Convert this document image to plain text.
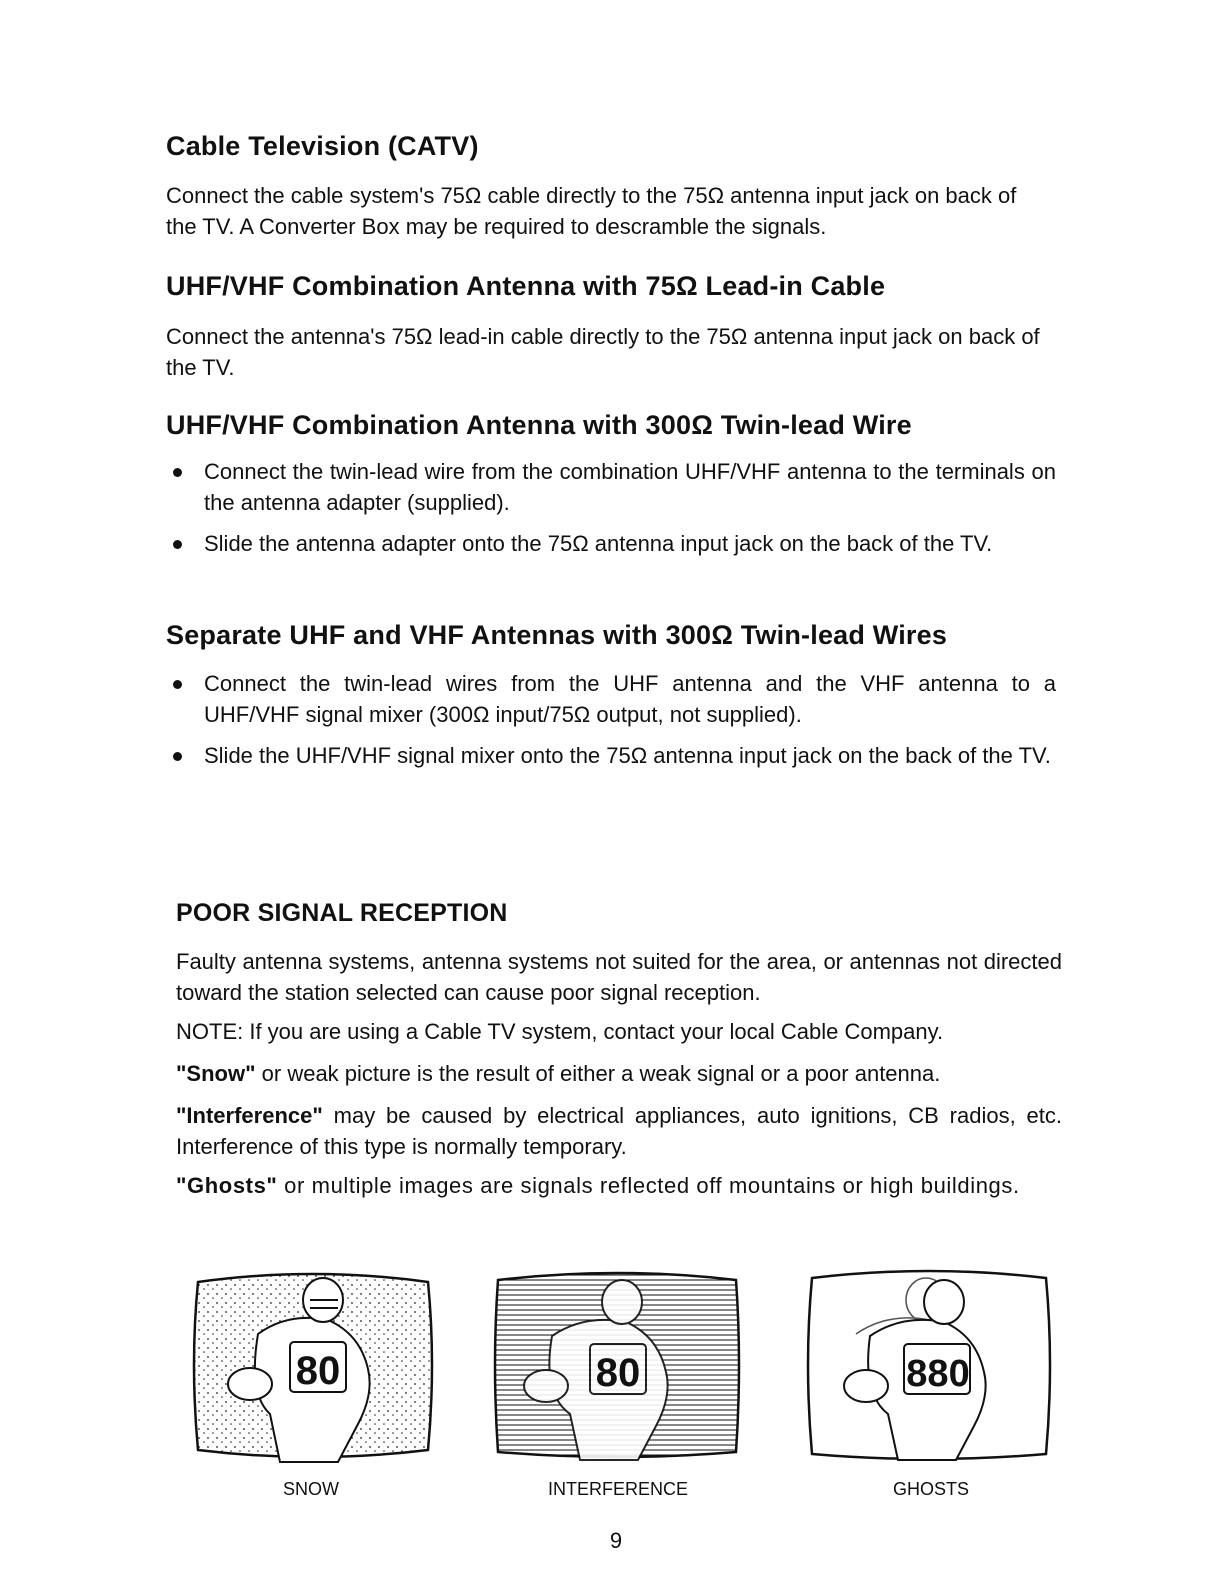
Cable Television (CATV)

Connect the cable system's 75Ω cable directly to the 75Ω antenna input jack on back of the TV. A Converter Box may be required to descramble the signals.

UHF/VHF Combination Antenna with 75Ω Lead-in Cable

Connect the antenna's 75Ω lead-in cable directly to the 75Ω antenna input jack on back of the TV.

UHF/VHF Combination Antenna with 300Ω Twin-lead Wire
Connect the twin-lead wire from the combination UHF/VHF antenna to the terminals on the antenna adapter (supplied).
Slide the antenna adapter onto the 75Ω antenna input jack on the back of the TV.
Separate UHF and VHF Antennas with 300Ω Twin-lead Wires
Connect the twin-lead wires from the UHF antenna and the VHF antenna to a UHF/VHF signal mixer (300Ω input/75Ω output, not supplied).
Slide the UHF/VHF signal mixer onto the 75Ω antenna input jack on the back of the TV.
POOR SIGNAL RECEPTION

Faulty antenna systems, antenna systems not suited for the area, or antennas not directed toward the station selected can cause poor signal reception.

NOTE: If you are using a Cable TV system, contact your local Cable Company.

"Snow" or weak picture is the result of either a weak signal or a poor antenna.

"Interference" may be caused by electrical appliances, auto ignitions, CB radios, etc. Interference of this type is normally temporary.

"Ghosts" or multiple images are signals reflected off mountains or high buildings.

80
SNOW
80
INTERFERENCE
880
GHOSTS
9
